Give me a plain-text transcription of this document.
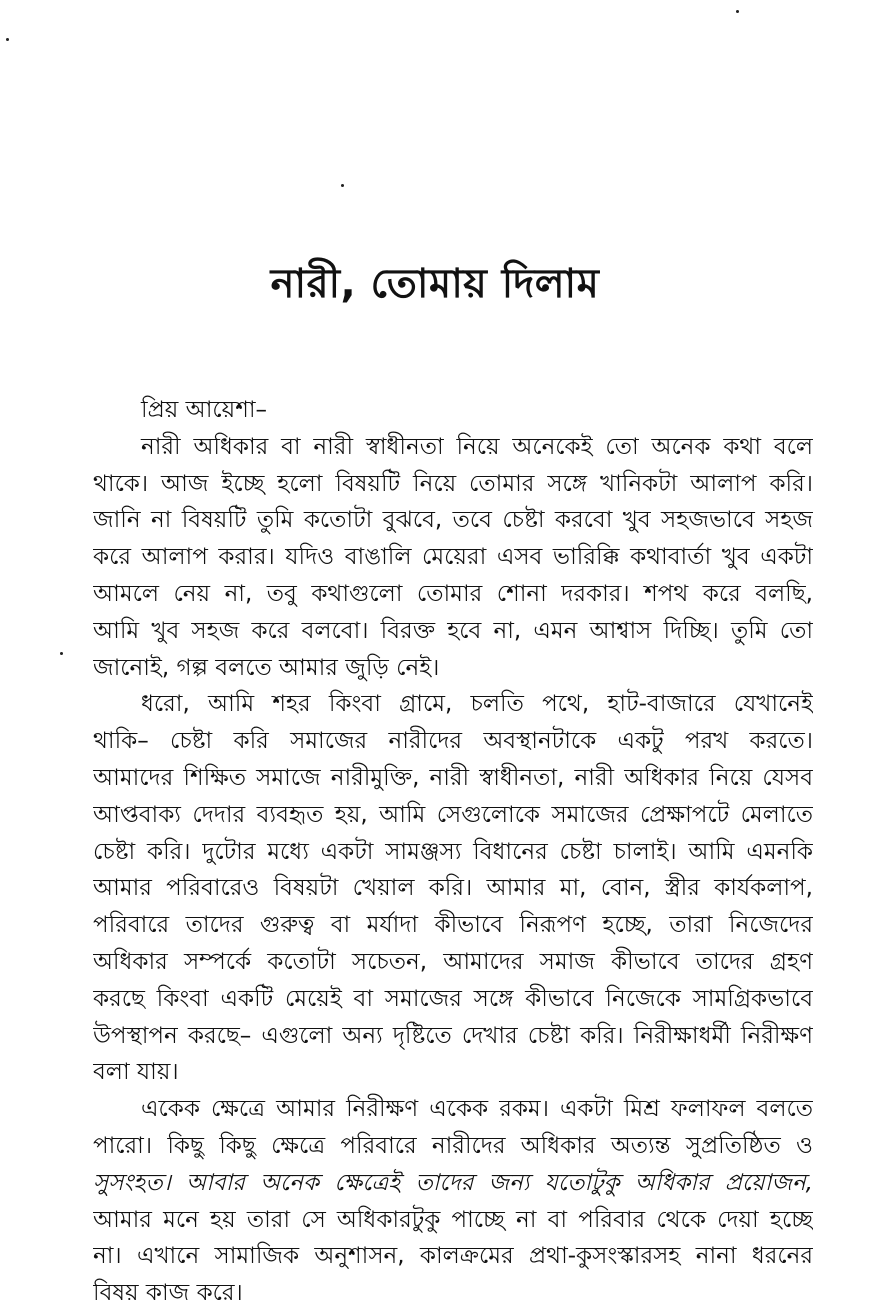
নারী, তোমায় দিলাম
প্রিয় আয়েশা–
নারী অধিকার বা নারী স্বাধীনতা নিয়ে অনেকেই তো অনেক কথা বলে
থাকে। আজ ইচ্ছে হলো বিষয়টি নিয়ে তোমার সঙ্গে খানিকটা আলাপ করি।
জানি না বিষয়টি তুমি কতোটা বুঝবে, তবে চেষ্টা করবো খুব সহজভাবে সহজ
করে আলাপ করার। যদিও বাঙালি মেয়েরা এসব ভারিক্কি কথাবার্তা খুব একটা
আমলে নেয় না, তবু কথাগুলো তোমার শোনা দরকার। শপথ করে বলছি,
আমি খুব সহজ করে বলবো। বিরক্ত হবে না, এমন আশ্বাস দিচ্ছি। তুমি তো
জানোই, গল্প বলতে আমার জুড়ি নেই।
ধরো, আমি শহর কিংবা গ্রামে, চলতি পথে, হাট-বাজারে যেখানেই
থাকি– চেষ্টা করি সমাজের নারীদের অবস্থানটাকে একটু পরখ করতে।
আমাদের শিক্ষিত সমাজে নারীমুক্তি, নারী স্বাধীনতা, নারী অধিকার নিয়ে যেসব
আপ্তবাক্য দেদার ব্যবহৃত হয়, আমি সেগুলোকে সমাজের প্রেক্ষাপটে মেলাতে
চেষ্টা করি। দুটোর মধ্যে একটা সামঞ্জস্য বিধানের চেষ্টা চালাই। আমি এমনকি
আমার পরিবারেও বিষয়টা খেয়াল করি। আমার মা, বোন, স্ত্রীর কার্যকলাপ,
পরিবারে তাদের গুরুত্ব বা মর্যাদা কীভাবে নিরূপণ হচ্ছে, তারা নিজেদের
অধিকার সম্পর্কে কতোটা সচেতন, আমাদের সমাজ কীভাবে তাদের গ্রহণ
করছে কিংবা একটি মেয়েই বা সমাজের সঙ্গে কীভাবে নিজেকে সামগ্রিকভাবে
উপস্থাপন করছে– এগুলো অন্য দৃষ্টিতে দেখার চেষ্টা করি। নিরীক্ষাধর্মী নিরীক্ষণ
বলা যায়।
একেক ক্ষেত্রে আমার নিরীক্ষণ একেক রকম। একটা মিশ্র ফলাফল বলতে
পারো। কিছু কিছু ক্ষেত্রে পরিবারে নারীদের অধিকার অত্যন্ত সুপ্রতিষ্ঠিত ও
সুসংহত। আবার অনেক ক্ষেত্রেই তাদের জন্য যতোটুকু অধিকার প্রয়োজন,
আমার মনে হয় তারা সে অধিকারটুকু পাচ্ছে না বা পরিবার থেকে দেয়া হচ্ছে
না। এখানে সামাজিক অনুশাসন, কালক্রমের প্রথা-কুসংস্কারসহ নানা ধরনের
বিষয় কাজ করে।
